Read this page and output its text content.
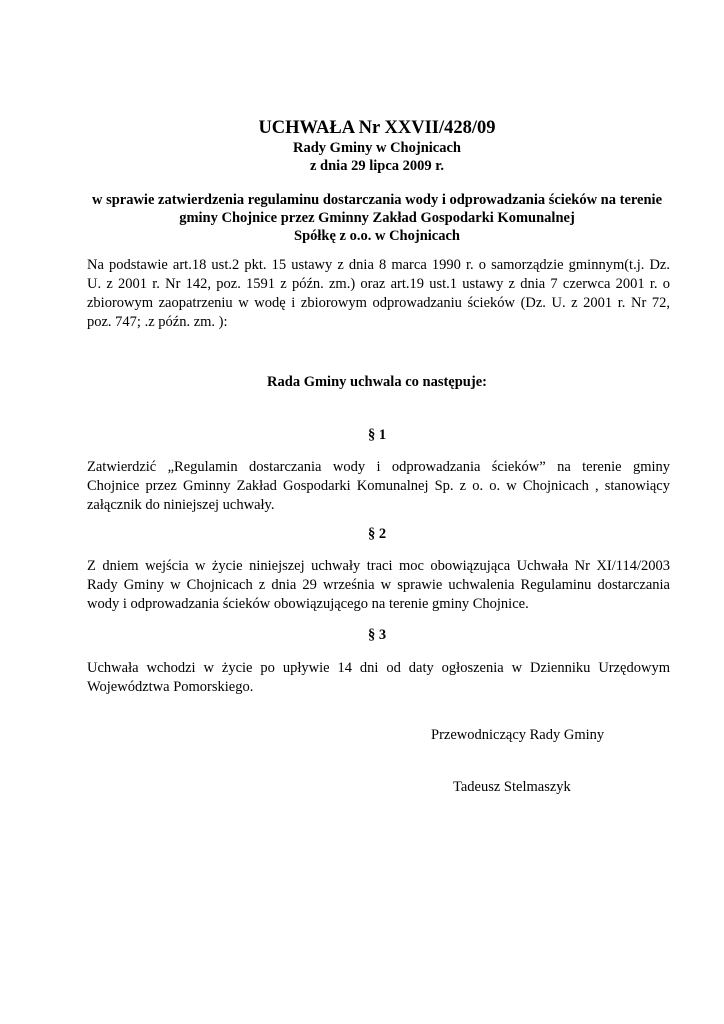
UCHWAŁA Nr XXVII/428/09
Rady Gminy w Chojnicach
z dnia 29 lipca 2009 r.
w sprawie zatwierdzenia regulaminu dostarczania wody i odprowadzania ścieków na terenie
gminy Chojnice przez Gminny Zakład Gospodarki Komunalnej
Spółkę z o.o. w Chojnicach
Na podstawie art.18 ust.2 pkt. 15 ustawy z dnia 8 marca 1990 r. o samorządzie gminnym(t.j. Dz.
U. z 2001 r. Nr 142, poz. 1591 z późn. zm.) oraz art.19 ust.1 ustawy z dnia 7 czerwca 2001 r. o
zbiorowym zaopatrzeniu w wodę i zbiorowym odprowadzaniu ścieków (Dz. U. z 2001 r. Nr 72,
poz. 747; .z późn. zm. ):
Rada Gminy uchwala co następuje:
§ 1
Zatwierdzić „Regulamin dostarczania wody i odprowadzania ścieków” na terenie gminy
Chojnice przez Gminny Zakład Gospodarki Komunalnej Sp. z o. o. w Chojnicach , stanowiący
załącznik do niniejszej uchwały.
§ 2
Z dniem wejścia w życie niniejszej uchwały traci moc obowiązująca Uchwała Nr XI/114/2003
Rady Gminy w Chojnicach z dnia 29 września w sprawie uchwalenia Regulaminu dostarczania
wody i odprowadzania ścieków obowiązującego na terenie gminy Chojnice.
§ 3
Uchwała wchodzi w życie po upływie 14 dni od daty ogłoszenia w Dzienniku Urzędowym
Województwa Pomorskiego.
Przewodniczący Rady Gminy
Tadeusz Stelmaszyk
